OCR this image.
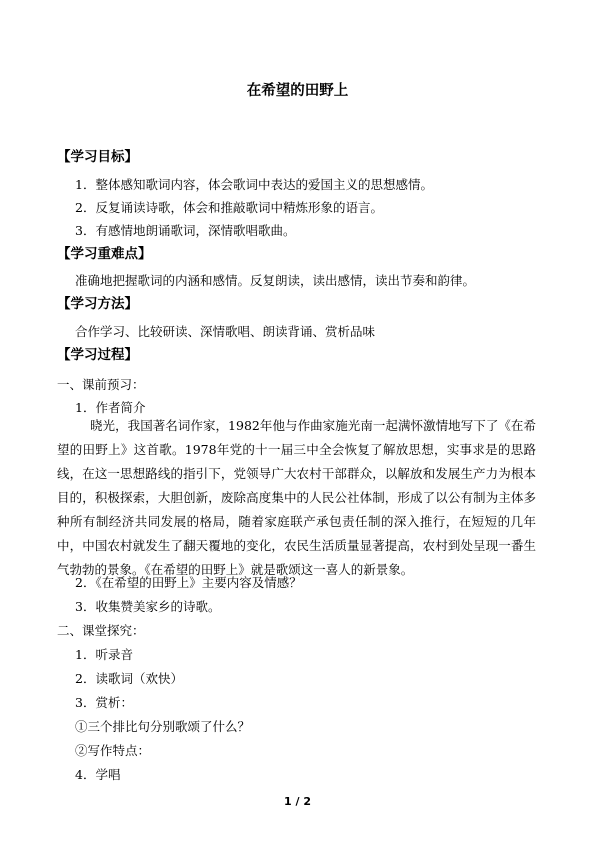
在希望的田野上
【学习目标】
1．整体感知歌词内容，体会歌词中表达的爱国主义的思想感情。
2．反复诵读诗歌，体会和推敲歌词中精炼形象的语言。
3．有感情地朗诵歌词，深情歌唱歌曲。
【学习重难点】
准确地把握歌词的内涵和感情。反复朗读，读出感情，读出节奏和韵律。
【学习方法】
合作学习、比较研读、深情歌唱、朗读背诵、赏析品味
【学习过程】
一、课前预习：
1．作者简介
晓光，我国著名词作家，1982年他与作曲家施光南一起满怀激情地写下了《在希望的田野上》这首歌。1978年党的十一届三中全会恢复了解放思想，实事求是的思路线，在这一思想路线的指引下，党领导广大农村干部群众，以解放和发展生产力为根本目的，积极探索，大胆创新，废除高度集中的人民公社体制，形成了以公有制为主体多种所有制经济共同发展的格局，随着家庭联产承包责任制的深入推行，在短短的几年中，中国农村就发生了翻天覆地的变化，农民生活质量显著提高，农村到处呈现一番生气勃勃的景象。《在希望的田野上》就是歌颂这一喜人的新景象。
2．《在希望的田野上》主要内容及情感？
3．收集赞美家乡的诗歌。
二、课堂探究：
1．听录音
2．读歌词（欢快）
3．赏析：
①三个排比句分别歌颂了什么？
②写作特点：
4．学唱
1 / 2
